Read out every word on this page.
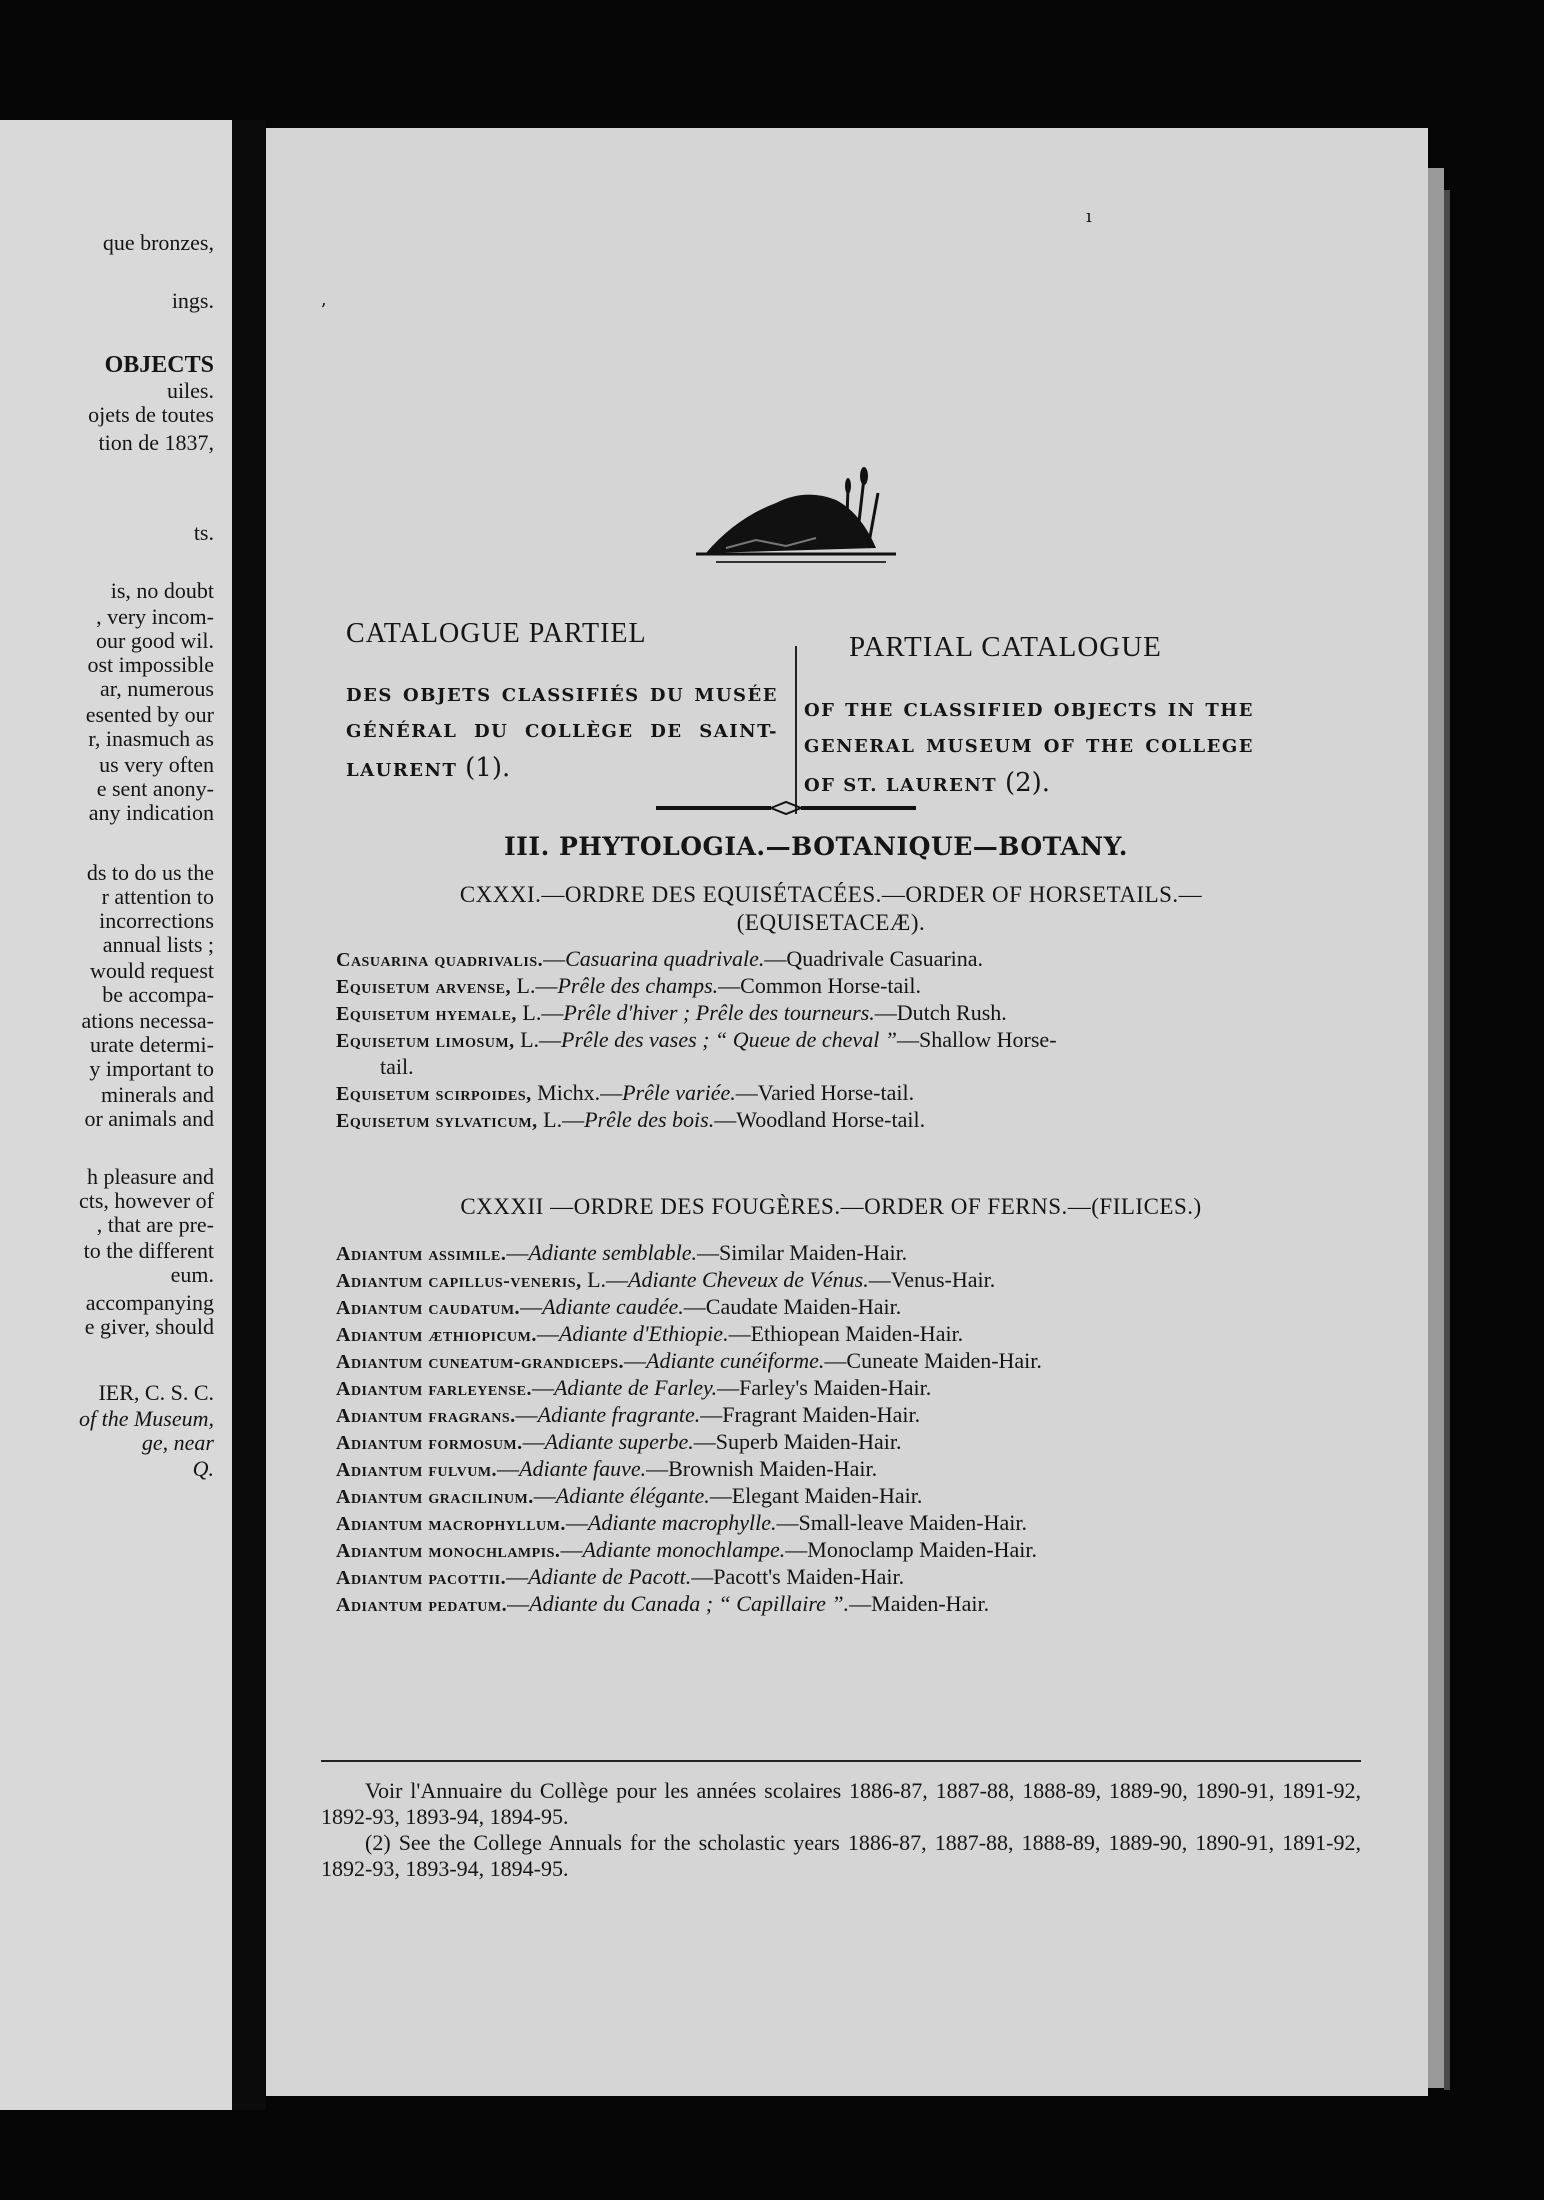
que bronzes,
ings.
OBJECTS
uiles.
ojets de toutes
tion de 1837,
ts.
is, no doubt
, very incom-
our good wil.
ost impossible
ar, numerous
esented by our
r, inasmuch as
us very often
e sent anony-
any indication
ds to do us the
r attention to
incorrections
annual lists ;
would request
be accompa-
ations necessa-
urate determi-
y important to
minerals and
or animals and
h pleasure and
cts, however of
, that are pre-
to the different
eum.
accompanying
e giver, should
IER, C. S. C.
of the Museum,
ge, near
Q.
ʼ
ı
CATALOGUE PARTIEL	PARTIAL CATALOGUE
DES OBJETS CLASSIFIÉS DU MUSÉE GÉNÉRAL DU COLLÈGE DE SAINT-LAURENT (1).
OF THE CLASSIFIED OBJECTS IN THE GENERAL MUSEUM OF THE COLLEGE OF ST. LAURENT (2).
III. PHYTOLOGIA.—BOTANIQUE—BOTANY.
CXXXI.—ORDRE DES EQUISÉTACÉES.—ORDER OF HORSETAILS.—
(EQUISETACEÆ).
Casuarina quadrivalis.—Casuarina quadrivale.—Quadrivale Casuarina.
Equisetum arvense, L.—Prêle des champs.—Common Horse-tail.
Equisetum hyemale, L.—Prêle d'hiver ; Prêle des tourneurs.—Dutch Rush.
Equisetum limosum, L.—Prêle des vases ; “ Queue de cheval ”—Shallow Horse-
tail.
Equisetum scirpoides, Michx.—Prêle variée.—Varied Horse-tail.
Equisetum sylvaticum, L.—Prêle des bois.—Woodland Horse-tail.
CXXXII —ORDRE DES FOUGÈRES.—ORDER OF FERNS.—(FILICES.)
Adiantum assimile.—Adiante semblable.—Similar Maiden-Hair.
Adiantum capillus-veneris, L.—Adiante Cheveux de Vénus.—Venus-Hair.
Adiantum caudatum.—Adiante caudée.—Caudate Maiden-Hair.
Adiantum æthiopicum.—Adiante d'Ethiopie.—Ethiopean Maiden-Hair.
Adiantum cuneatum-grandiceps.—Adiante cunéiforme.—Cuneate Maiden-Hair.
Adiantum farleyense.—Adiante de Farley.—Farley's Maiden-Hair.
Adiantum fragrans.—Adiante fragrante.—Fragrant Maiden-Hair.
Adiantum formosum.—Adiante superbe.—Superb Maiden-Hair.
Adiantum fulvum.—Adiante fauve.—Brownish Maiden-Hair.
Adiantum gracilinum.—Adiante élégante.—Elegant Maiden-Hair.
Adiantum macrophyllum.—Adiante macrophylle.—Small-leave Maiden-Hair.
Adiantum monochlampis.—Adiante monochlampe.—Monoclamp Maiden-Hair.
Adiantum pacottii.—Adiante de Pacott.—Pacott's Maiden-Hair.
Adiantum pedatum.—Adiante du Canada ; “ Capillaire ”.—Maiden-Hair.
Voir l'Annuaire du Collège pour les années scolaires 1886-87, 1887-88, 1888-89, 1889-90, 1890-91, 1891-92, 1892-93, 1893-94, 1894-95.
(2) See the College Annuals for the scholastic years 1886-87, 1887-88, 1888-89, 1889-90, 1890-91, 1891-92, 1892-93, 1893-94, 1894-95.
